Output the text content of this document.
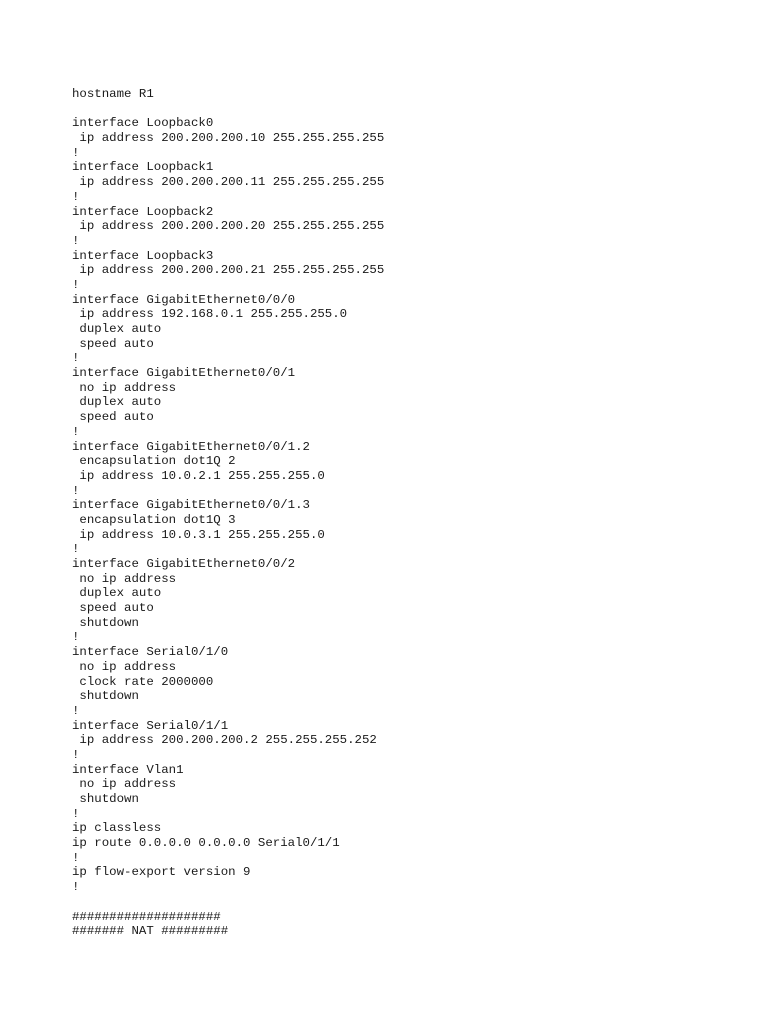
hostname R1
interface Loopback0
ip address 200.200.200.10 255.255.255.255
!
interface Loopback1
ip address 200.200.200.11 255.255.255.255
!
interface Loopback2
ip address 200.200.200.20 255.255.255.255
!
interface Loopback3
ip address 200.200.200.21 255.255.255.255
!
interface GigabitEthernet0/0/0
ip address 192.168.0.1 255.255.255.0
duplex auto
speed auto
!
interface GigabitEthernet0/0/1
no ip address
duplex auto
speed auto
!
interface GigabitEthernet0/0/1.2
encapsulation dot1Q 2
ip address 10.0.2.1 255.255.255.0
!
interface GigabitEthernet0/0/1.3
encapsulation dot1Q 3
ip address 10.0.3.1 255.255.255.0
!
interface GigabitEthernet0/0/2
no ip address
duplex auto
speed auto
shutdown
!
interface Serial0/1/0
no ip address
clock rate 2000000
shutdown
!
interface Serial0/1/1
ip address 200.200.200.2 255.255.255.252
!
interface Vlan1
no ip address
shutdown
!
ip classless
ip route 0.0.0.0 0.0.0.0 Serial0/1/1
!
ip flow-export version 9
!
####################
####### NAT #########
